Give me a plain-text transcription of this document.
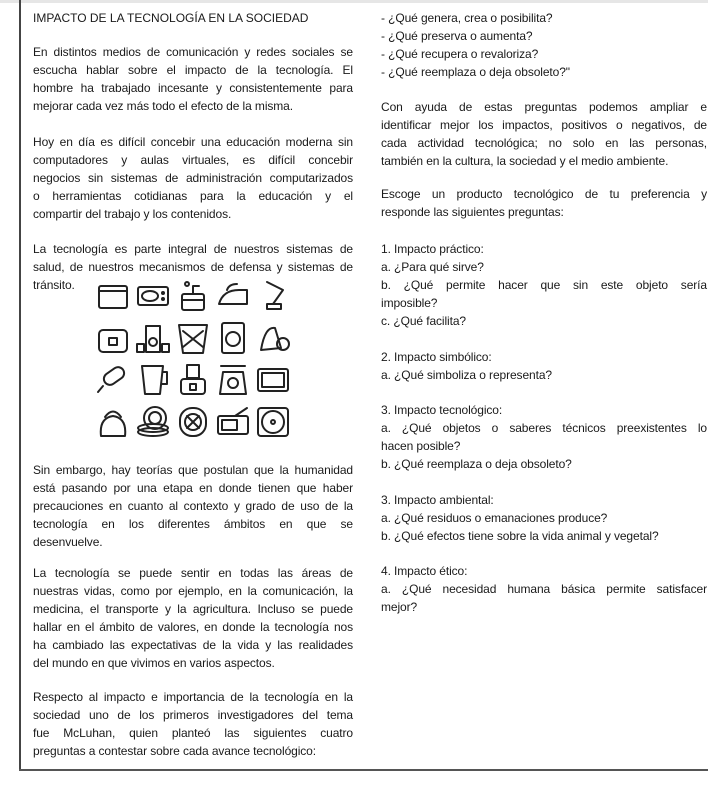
IMPACTO DE LA TECNOLOGÍA EN LA SOCIEDAD
En distintos medios de comunicación y redes sociales se
escucha hablar sobre el impacto de la tecnología. El
hombre ha trabajado incesante y consistentemente para
mejorar cada vez más todo el efecto de la misma.
Hoy en día es difícil concebir una educación moderna sin
computadores y aulas virtuales, es difícil concebir
negocios sin sistemas de administración computarizados
o herramientas cotidianas para la educación y el
compartir del trabajo y los contenidos.
La tecnología es parte integral de nuestros sistemas de
salud, de nuestros mecanismos de defensa y sistemas de
tránsito.
Sin embargo, hay teorías que postulan que la humanidad
está pasando por una etapa en donde tienen que haber
precauciones en cuanto al contexto y grado de uso de la
tecnología en los diferentes ámbitos en que se
desenvuelve.
La tecnología se puede sentir en todas las áreas de
nuestras vidas, como por ejemplo, en la comunicación, la
medicina, el transporte y la agricultura. Incluso se puede
hallar en el ámbito de valores, en donde la tecnología nos
ha cambiado las expectativas de la vida y las realidades
del mundo en que vivimos en varios aspectos.
Respecto al impacto e importancia de la tecnología en la
sociedad uno de los primeros investigadores del tema
fue McLuhan, quien planteó las siguientes cuatro
preguntas a contestar sobre cada avance tecnológico:
- ¿Qué genera, crea o posibilita?
- ¿Qué preserva o aumenta?
- ¿Qué recupera o revaloriza?
- ¿Qué reemplaza o deja obsoleto?"
Con ayuda de estas preguntas podemos ampliar e
identificar mejor los impactos, positivos o negativos, de
cada actividad tecnológica; no solo en las personas,
también en la cultura, la sociedad y el medio ambiente.
Escoge un producto tecnológico de tu preferencia y
responde las siguientes preguntas:
1. Impacto práctico:
a. ¿Para qué sirve?
b. ¿Qué permite hacer que sin este objeto sería
imposible?
c. ¿Qué facilita?
2. Impacto simbólico:
a. ¿Qué simboliza o representa?
3. Impacto tecnológico:
a. ¿Qué objetos o saberes técnicos preexistentes lo
hacen posible?
b. ¿Qué reemplaza o deja obsoleto?
3. Impacto ambiental:
a. ¿Qué residuos o emanaciones produce?
b. ¿Qué efectos tiene sobre la vida animal y vegetal?
4. Impacto ético:
a. ¿Qué necesidad humana básica permite satisfacer
mejor?
